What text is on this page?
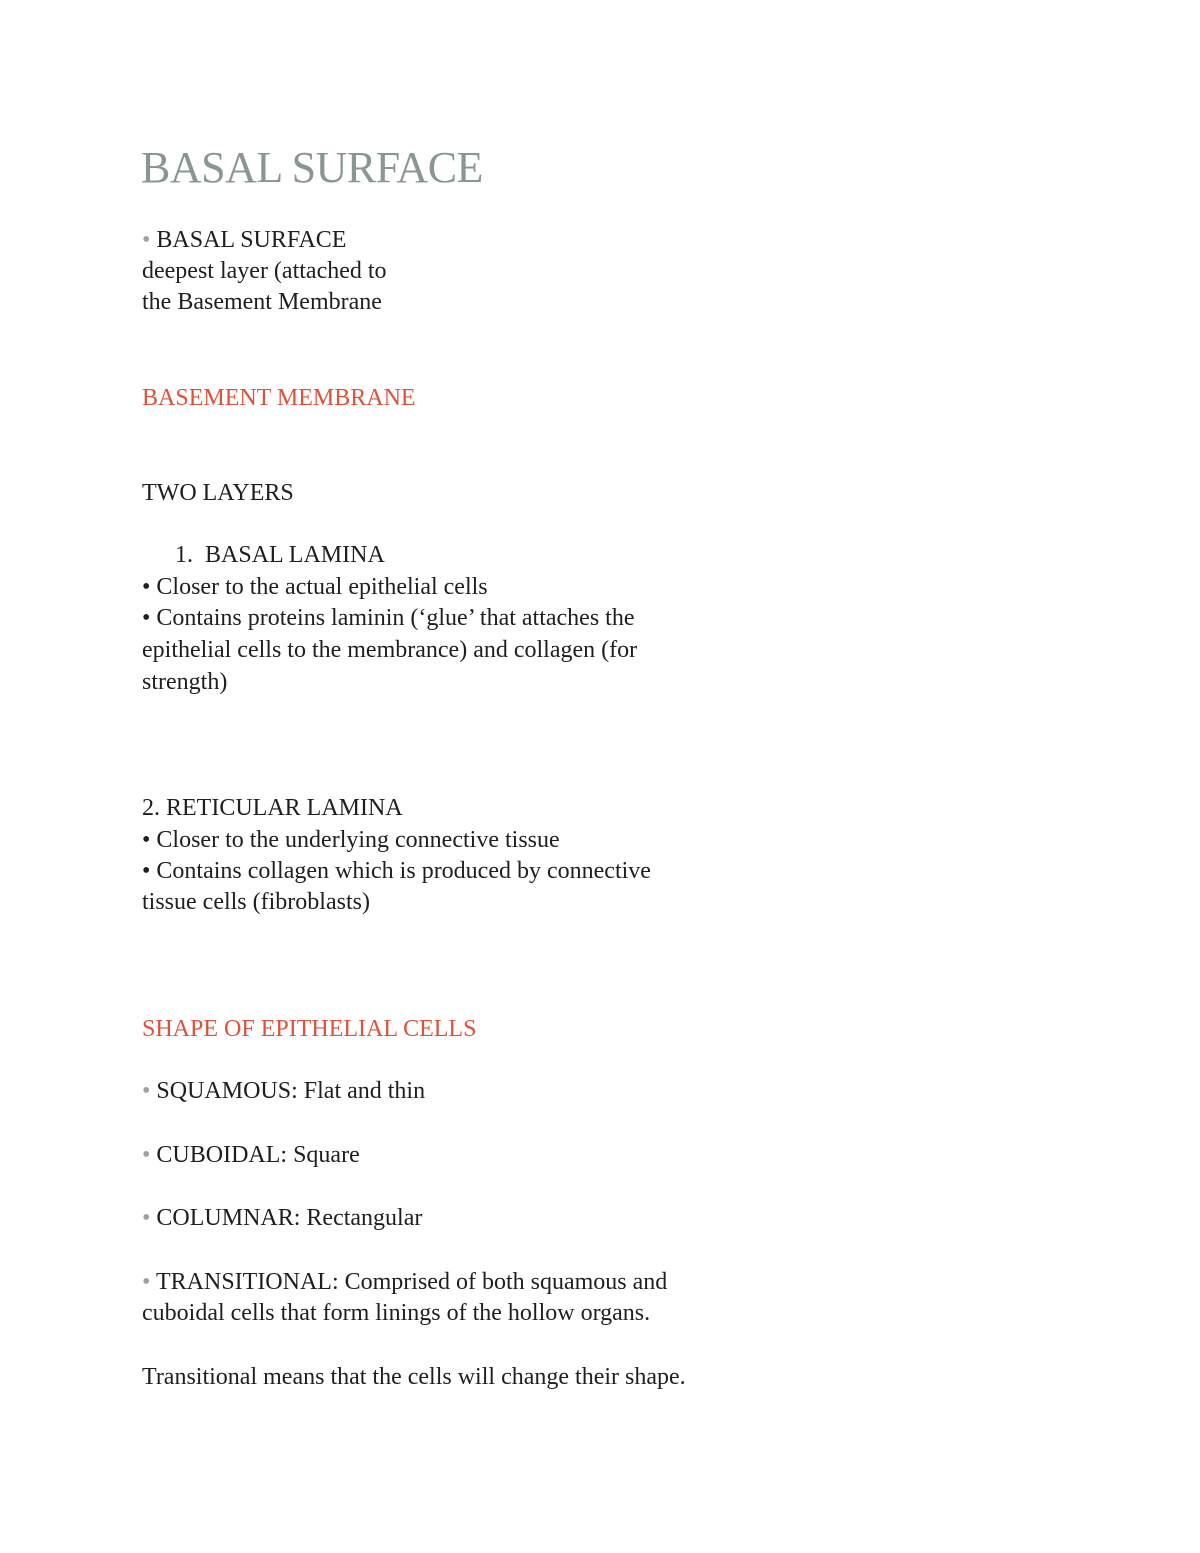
BASAL SURFACE

• BASAL SURFACE

deepest layer (attached to

the Basement Membrane

BASEMENT MEMBRANE

TWO LAYERS

1. BASAL LAMINA

• Closer to the actual epithelial cells

• Contains proteins laminin (‘glue’ that attaches the

epithelial cells to the membrance) and collagen (for

strength)

2. RETICULAR LAMINA

• Closer to the underlying connective tissue

• Contains collagen which is produced by connective

tissue cells (fibroblasts)

SHAPE OF EPITHELIAL CELLS

• SQUAMOUS: Flat and thin

• CUBOIDAL: Square

• COLUMNAR: Rectangular

• TRANSITIONAL: Comprised of both squamous and

cuboidal cells that form linings of the hollow organs.

Transitional means that the cells will change their shape.
